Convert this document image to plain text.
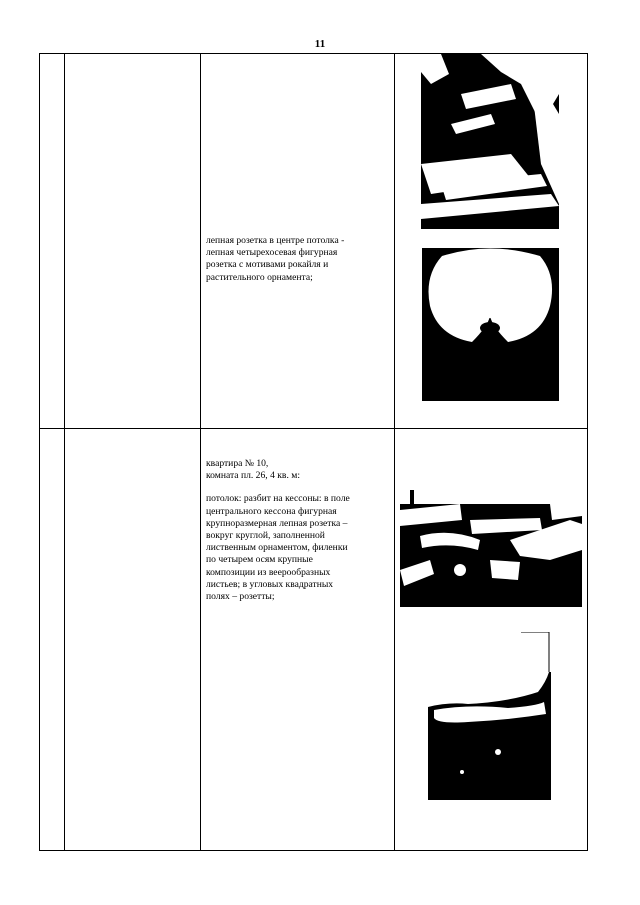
11
лепная розетка в центре потолка -
лепная четырехосевая фигурная
розетка с мотивами рокайля и
растительного орнамента;
квартира № 10,
комната пл. 26, 4 кв. м:
потолок: разбит на кессоны: в поле
центрального кессона фигурная
крупноразмерная лепная розетка –
вокруг круглой, заполненной
лиственным орнаментом, филенки
по четырем осям крупные
композиции из веерообразных
листьев; в угловых квадратных
полях – розетты;
